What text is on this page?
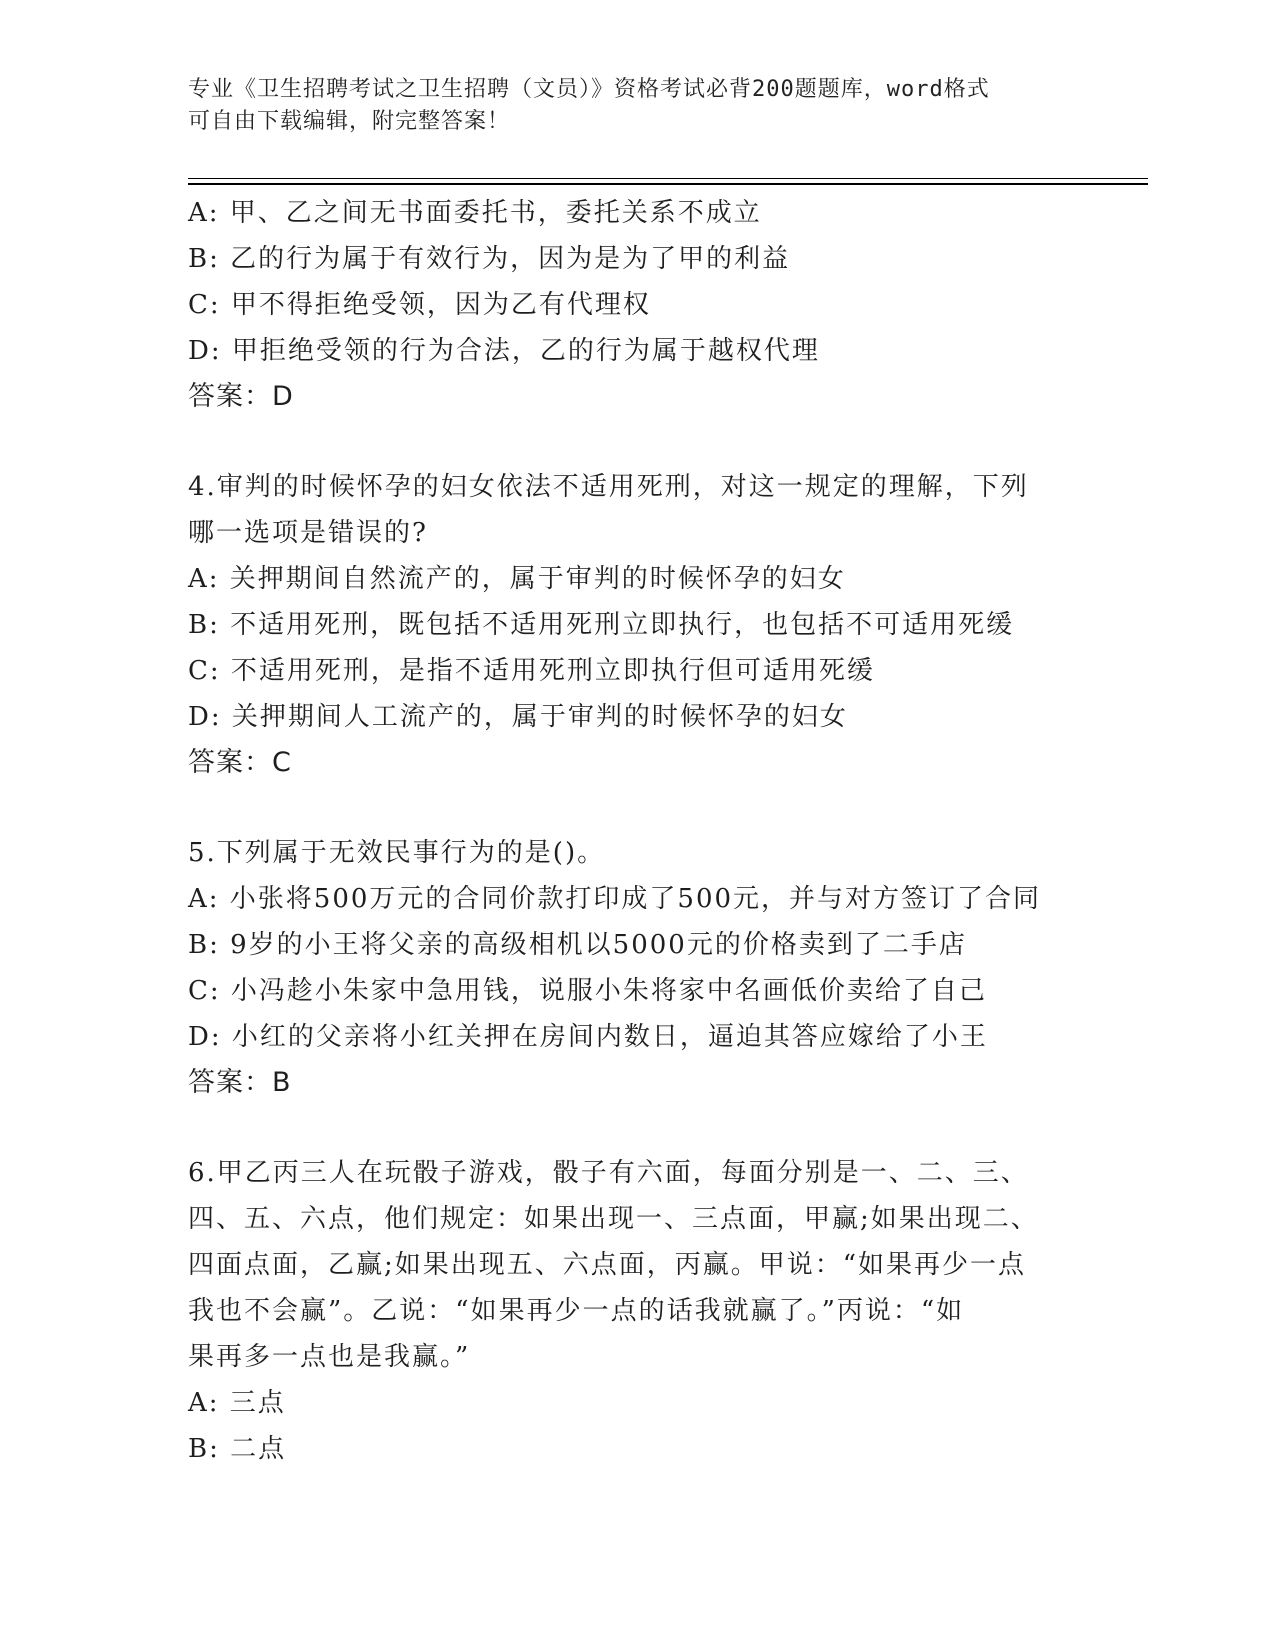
专业《卫生招聘考试之卫生招聘（文员）》资格考试必背200题题库，word格式
可自由下载编辑，附完整答案！
A: 甲、乙之间无书面委托书，委托关系不成立
B: 乙的行为属于有效行为，因为是为了甲的利益
C: 甲不得拒绝受领，因为乙有代理权
D: 甲拒绝受领的行为合法，乙的行为属于越权代理
答案：D
4.审判的时候怀孕的妇女依法不适用死刑，对这一规定的理解，下列
哪一选项是错误的?
A: 关押期间自然流产的，属于审判的时候怀孕的妇女
B: 不适用死刑，既包括不适用死刑立即执行，也包括不可适用死缓
C: 不适用死刑，是指不适用死刑立即执行但可适用死缓
D: 关押期间人工流产的，属于审判的时候怀孕的妇女
答案：C
5.下列属于无效民事行为的是()。
A: 小张将500万元的合同价款打印成了500元，并与对方签订了合同
B: 9岁的小王将父亲的高级相机以5000元的价格卖到了二手店
C: 小冯趁小朱家中急用钱，说服小朱将家中名画低价卖给了自己
D: 小红的父亲将小红关押在房间内数日，逼迫其答应嫁给了小王
答案：B
6.甲乙丙三人在玩骰子游戏，骰子有六面，每面分别是一、二、三、
四、五、六点，他们规定：如果出现一、三点面，甲赢;如果出现二、
四面点面，乙赢;如果出现五、六点面，丙赢。甲说：“如果再少一点
我也不会赢”。乙说：“如果再少一点的话我就赢了。”丙说：“如
果再多一点也是我赢。”
A: 三点
B: 二点
